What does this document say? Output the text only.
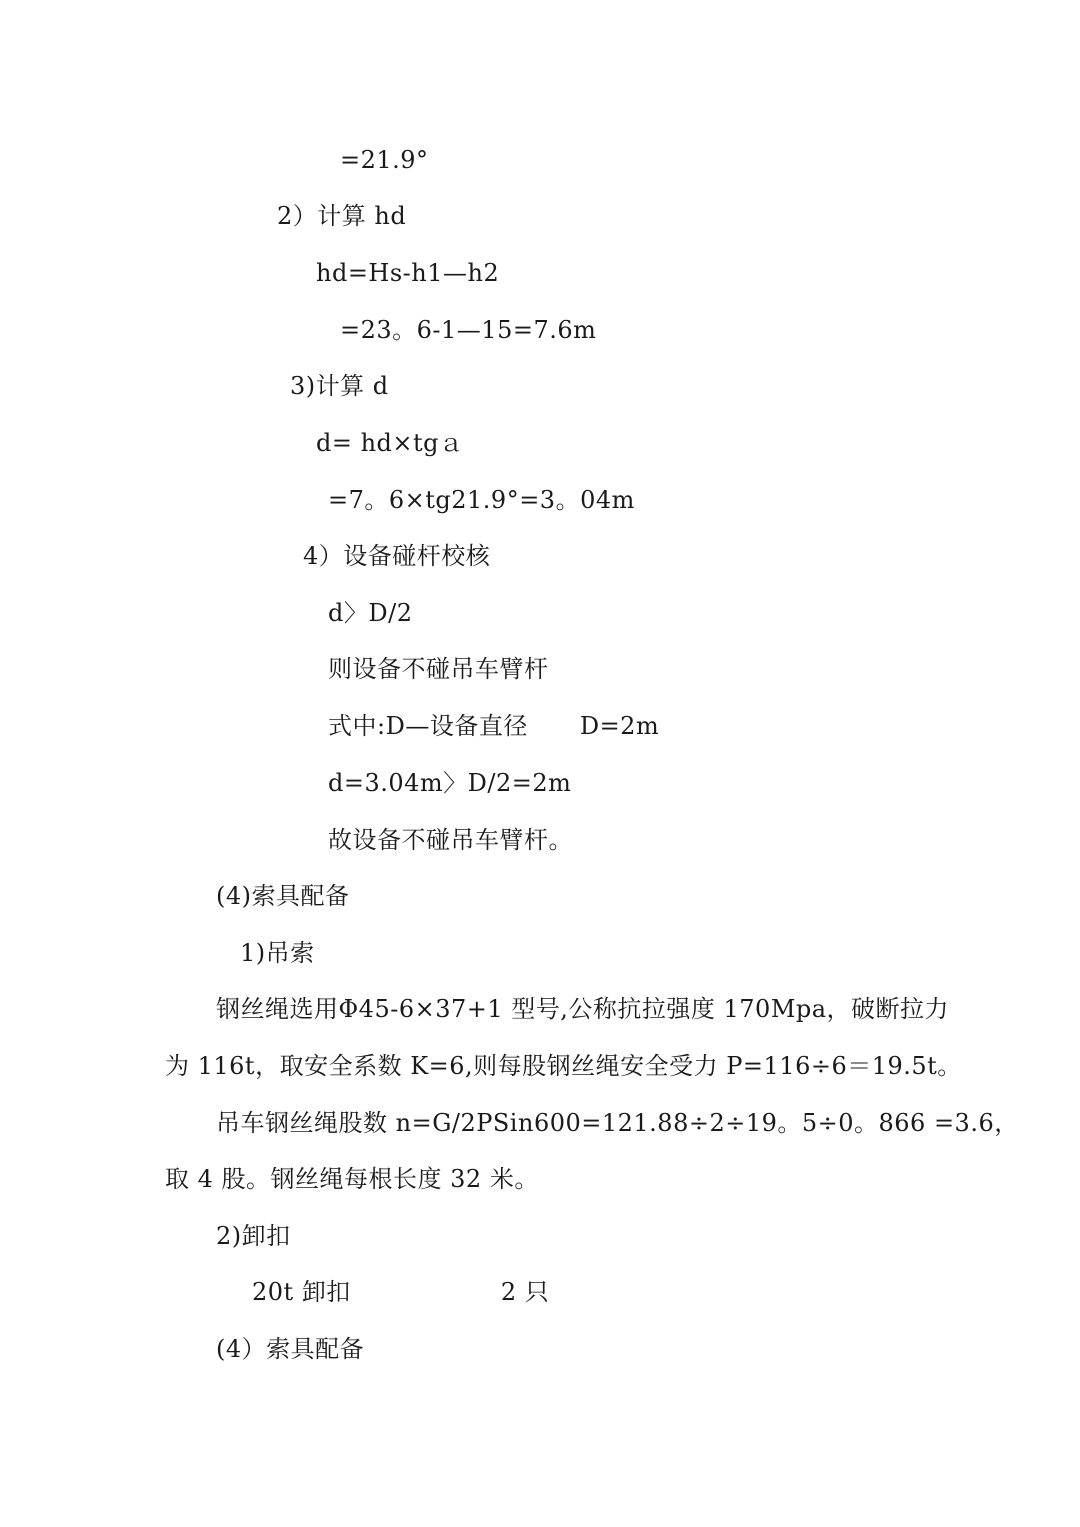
=21.9°
2）计算 hd
hd=Hs-h1—h2
=23。6-1—15=7.6m
3)计算 d
d= hd×tgａ
=7。6×tg21.9°=3。04m
4）设备碰杆校核
d〉D/2
则设备不碰吊车臂杆
式中:D—设备直径 D=2m
d=3.04m〉D/2=2m
故设备不碰吊车臂杆。
(4)索具配备
1)吊索
钢丝绳选用Φ45-6×37+1 型号,公称抗拉强度 170Mpa，破断拉力
为 116t，取安全系数 K=6,则每股钢丝绳安全受力 P=116÷6＝19.5t。
吊车钢丝绳股数 n=G/2PSin600=121.88÷2÷19。5÷0。866 =3.6，
取 4 股。钢丝绳每根长度 32 米。
2)卸扣
20t 卸扣	2 只
(4）索具配备
